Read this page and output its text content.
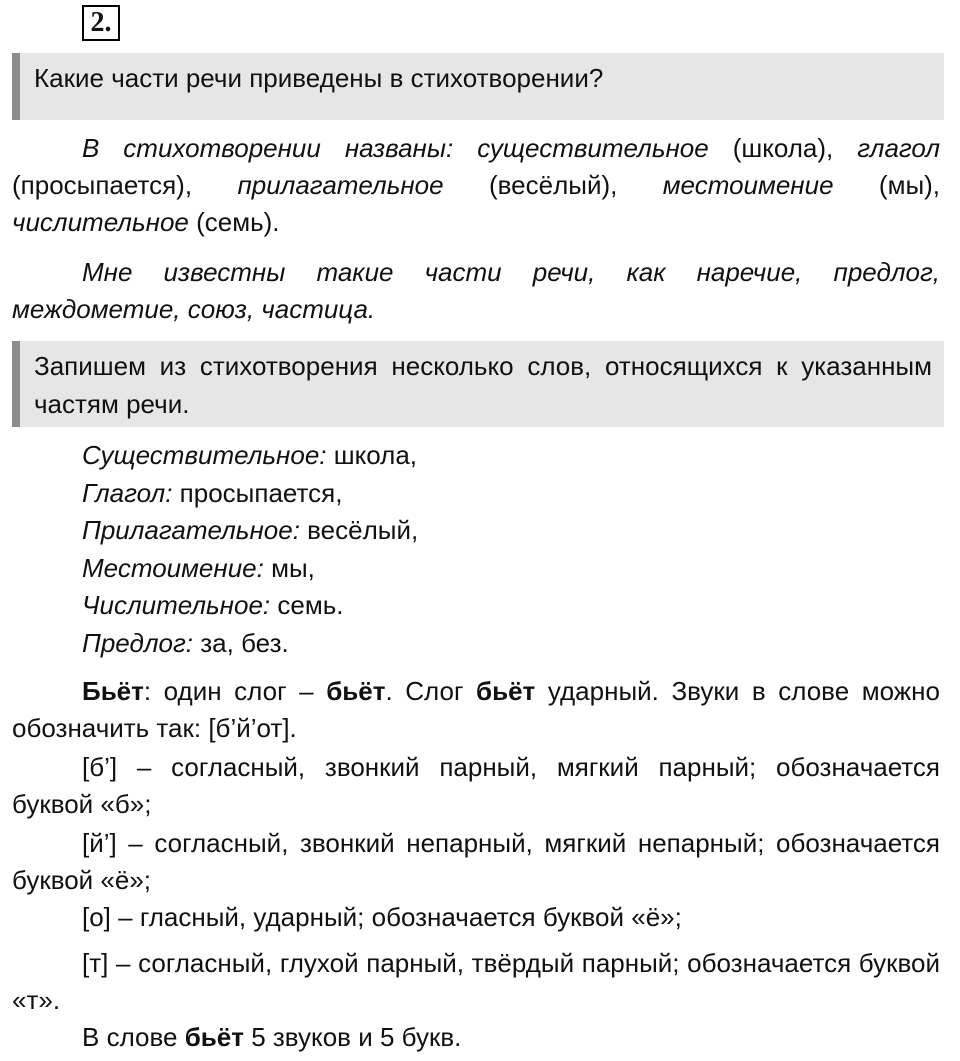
2.
Какие части речи приведены в стихотворении?
В стихотворении названы: существительное (школа), глагол (просыпается), прилагательное (весёлый), местоимение (мы), числительное (семь).
Мне известны такие части речи, как наречие, предлог, междометие, союз, частица.
Запишем из стихотворения несколько слов, относящихся к указанным частям речи.
Существительное: школа,
Глагол: просыпается,
Прилагательное: весёлый,
Местоимение: мы,
Числительное: семь.
Предлог: за, без.
Бьёт: один слог – бьёт. Слог бьёт ударный. Звуки в слове можно обозначить так: [б’й’от].
[б’] – согласный, звонкий парный, мягкий парный; обозначается буквой «б»;
[й’] – согласный, звонкий непарный, мягкий непарный; обозначается буквой «ё»;
[о] – гласный, ударный; обозначается буквой «ё»;
[т] – согласный, глухой парный, твёрдый парный; обозначается буквой «т».
В слове бьёт 5 звуков и 5 букв.
